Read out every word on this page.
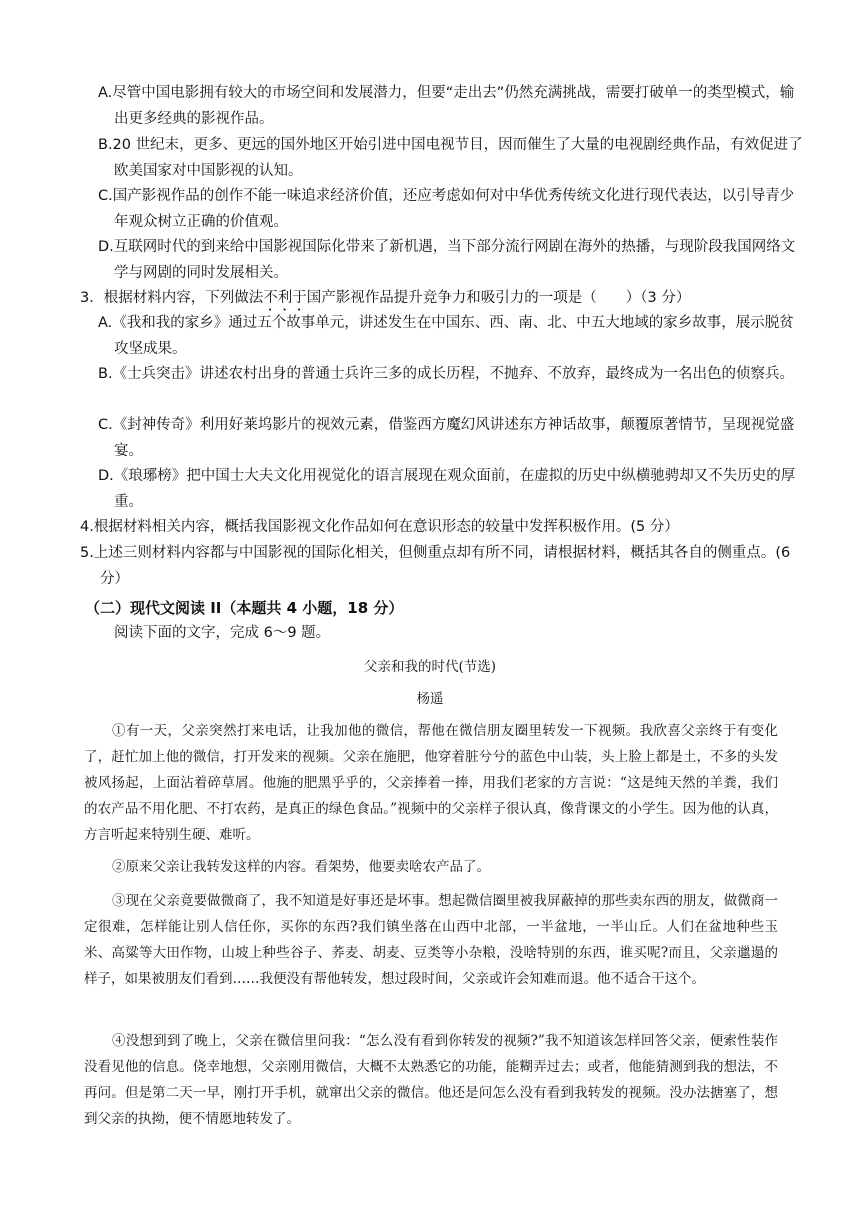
A.尽管中国电影拥有较大的市场空间和发展潜力，但要“走出去”仍然充满挑战，需要打破单一的类型模式，输出更多经典的影视作品。

B.20 世纪末，更多、更远的国外地区开始引进中国电视节目，因而催生了大量的电视剧经典作品，有效促进了欧美国家对中国影视的认知。

C.国产影视作品的创作不能一味追求经济价值，还应考虑如何对中华优秀传统文化进行现代表达，以引导青少年观众树立正确的价值观。

D.互联网时代的到来给中国影视国际化带来了新机遇，当下部分流行网剧在海外的热播，与现阶段我国网络文学与网剧的同时发展相关。

3．根据材料内容，下列做法不利于国产影视作品提升竞争力和吸引力的一项是（　　）（3 分）

A.《我和我的家乡》通过五个故事单元，讲述发生在中国东、西、南、北、中五大地域的家乡故事，展示脱贫攻坚成果。

B.《士兵突击》讲述农村出身的普通士兵许三多的成长历程，不抛弃、不放弃，最终成为一名出色的侦察兵。

C.《封神传奇》利用好莱坞影片的视效元素，借鉴西方魔幻风讲述东方神话故事，颠覆原著情节，呈现视觉盛宴。

D.《琅琊榜》把中国士大夫文化用视觉化的语言展现在观众面前，在虚拟的历史中纵横驰骋却又不失历史的厚重。

4.根据材料相关内容，概括我国影视文化作品如何在意识形态的较量中发挥积极作用。(5 分）

5.上述三则材料内容都与中国影视的国际化相关，但侧重点却有所不同，请根据材料，概括其各自的侧重点。(6 分）

（二）现代文阅读 II（本题共 4 小题，18 分）

阅读下面的文字，完成 6～9 题。

父亲和我的时代(节选)

杨遥

①有一天，父亲突然打来电话，让我加他的微信，帮他在微信朋友圈里转发一下视频。我欣喜父亲终于有变化了，赶忙加上他的微信，打开发来的视频。父亲在施肥，他穿着脏兮兮的蓝色中山装，头上脸上都是土，不多的头发被风扬起，上面沾着碎草屑。他施的肥黑乎乎的，父亲捧着一捧，用我们老家的方言说：“这是纯天然的羊粪，我们的农产品不用化肥、不打农药，是真正的绿色食品。”视频中的父亲样子很认真，像背课文的小学生。因为他的认真，方言听起来特别生硬、难听。

②原来父亲让我转发这样的内容。看架势，他要卖啥农产品了。

③现在父亲竟要做微商了，我不知道是好事还是坏事。想起微信圈里被我屏蔽掉的那些卖东西的朋友，做微商一定很难，怎样能让别人信任你，买你的东西?我们镇坐落在山西中北部，一半盆地，一半山丘。人们在盆地种些玉米、高粱等大田作物，山坡上种些谷子、荞麦、胡麦、豆类等小杂粮，没啥特别的东西，谁买呢?而且，父亲邋遢的样子，如果被朋友们看到……我便没有帮他转发，想过段时间，父亲或许会知难而退。他不适合干这个。

④没想到到了晚上，父亲在微信里问我：“怎么没有看到你转发的视频?”我不知道该怎样回答父亲，便索性装作没看见他的信息。侥幸地想，父亲刚用微信，大概不太熟悉它的功能，能糊弄过去；或者，他能猜测到我的想法，不再问。但是第二天一早，刚打开手机，就窜出父亲的微信。他还是问怎么没有看到我转发的视频。没办法搪塞了，想到父亲的执拗，便不情愿地转发了。
